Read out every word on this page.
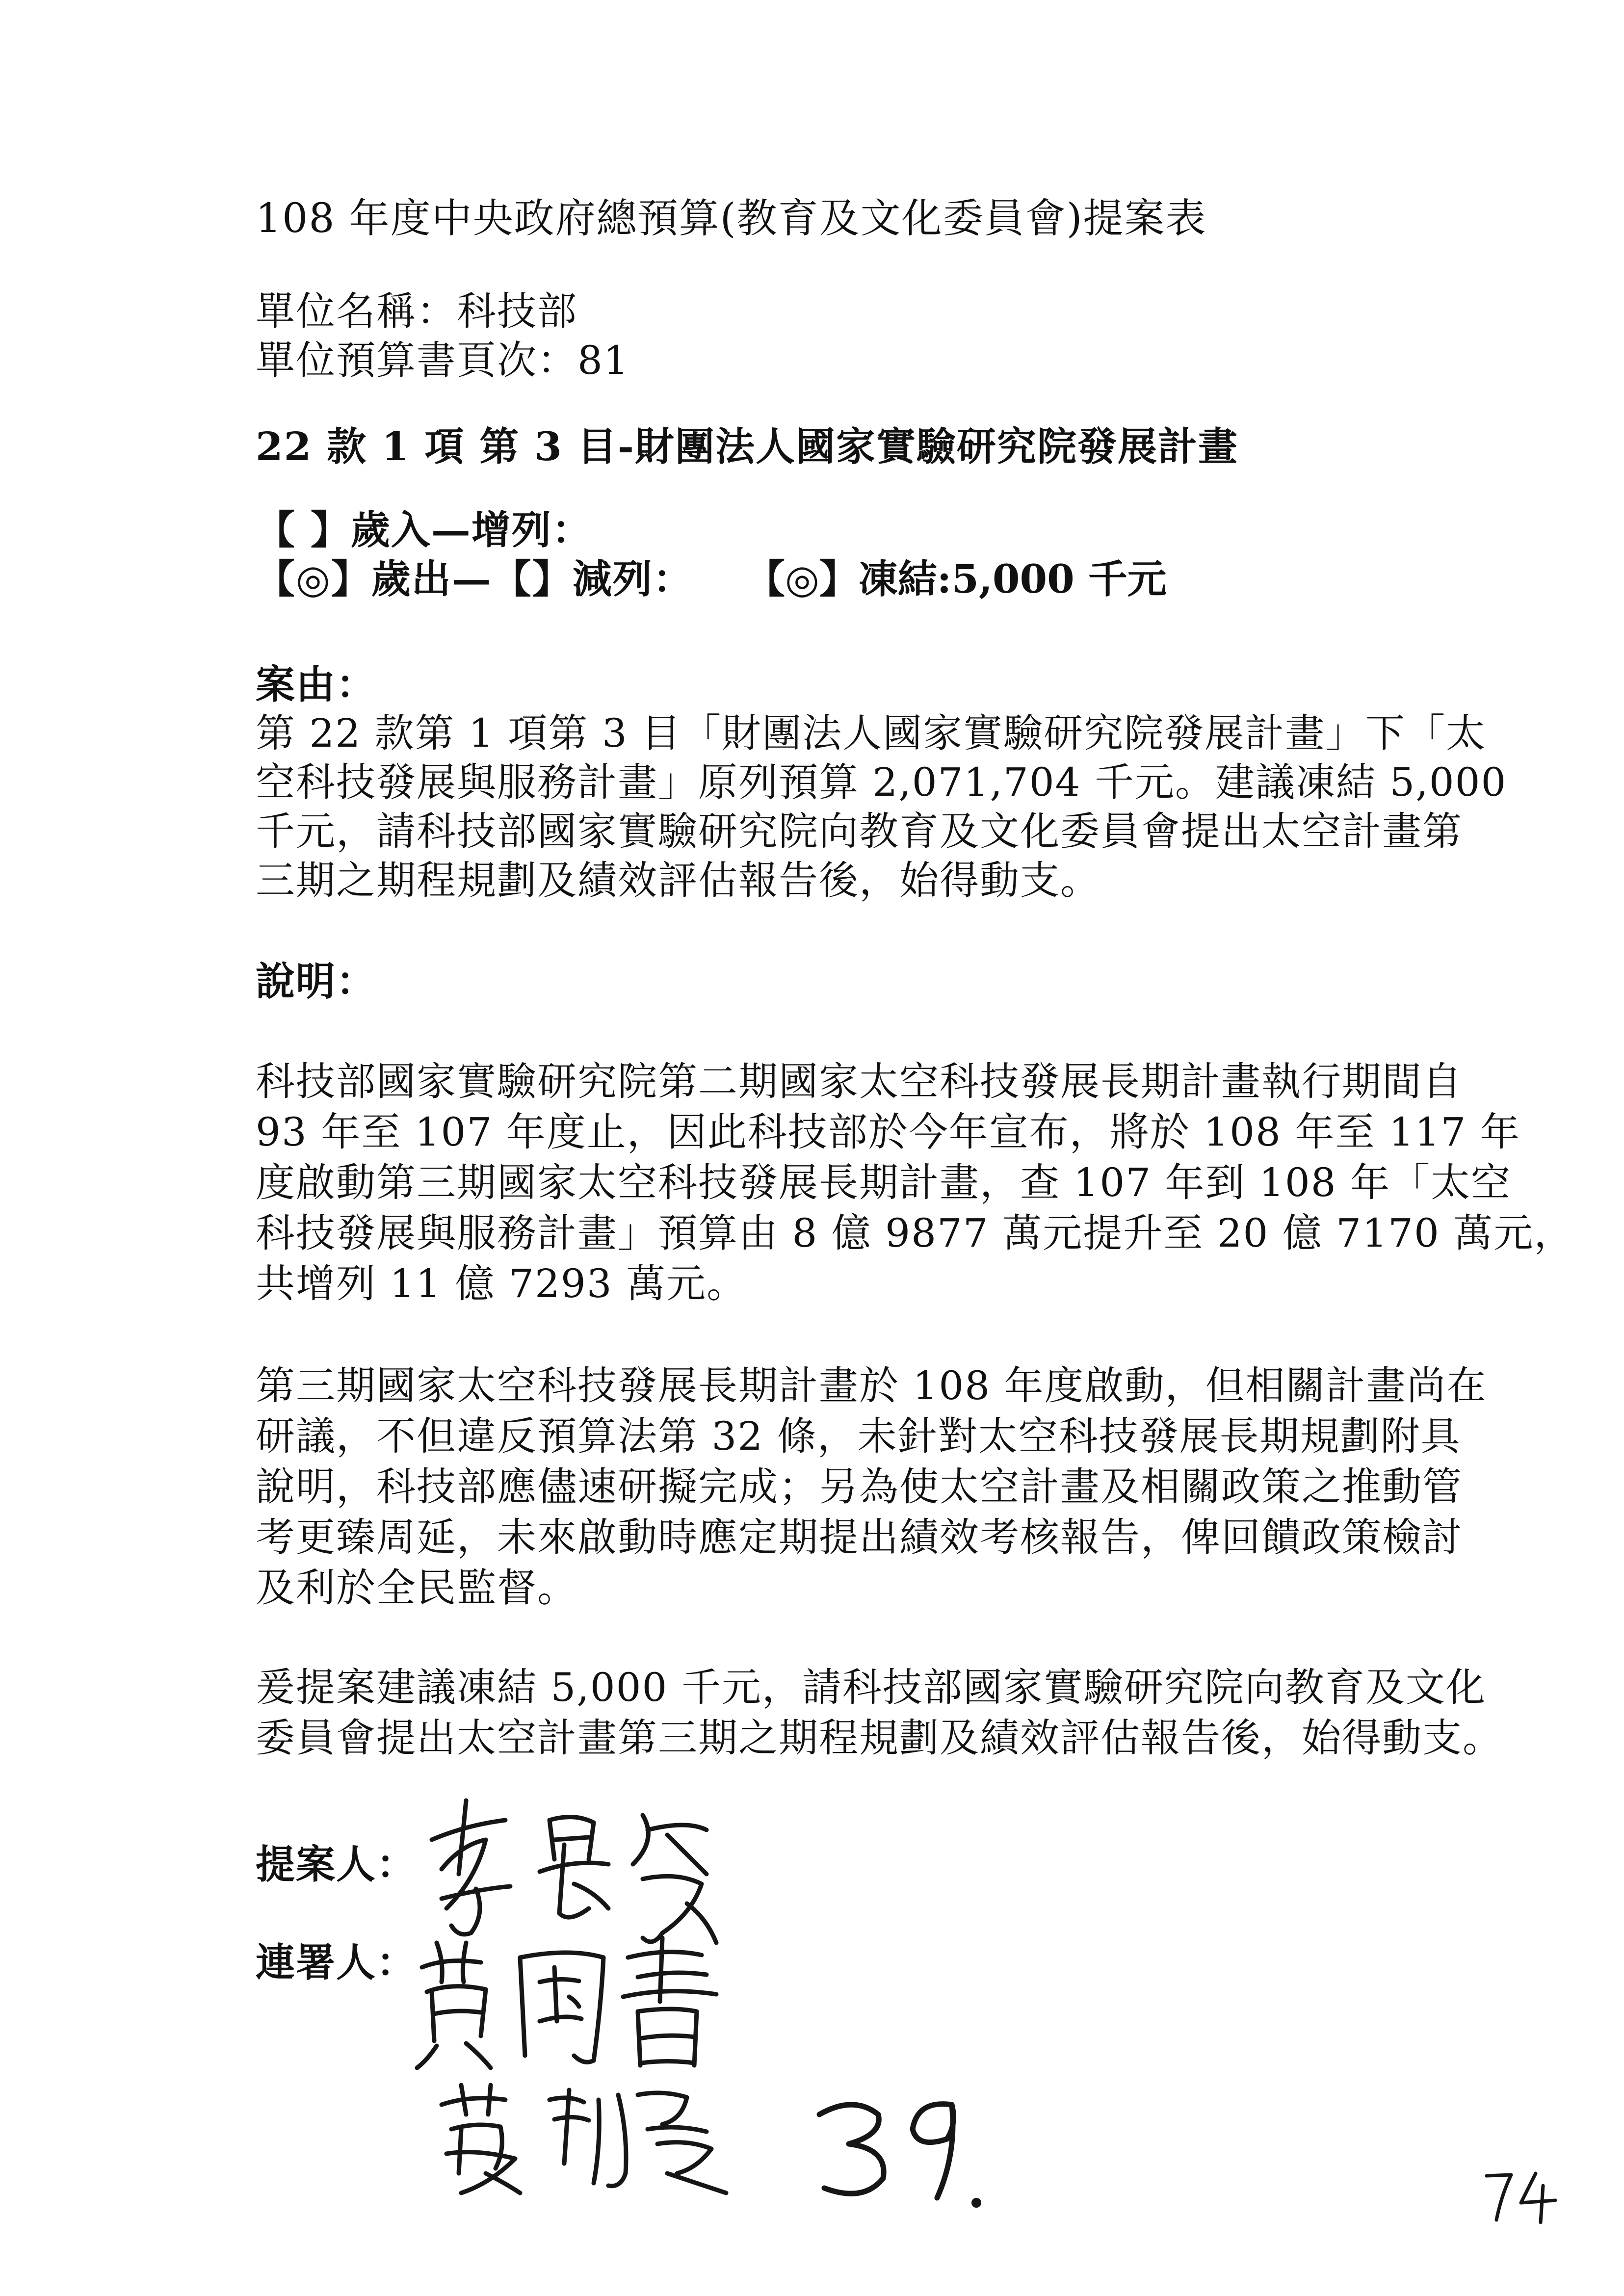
108 年度中央政府總預算(教育及文化委員會)提案表
單位名稱：科技部
單位預算書頁次：81
22 款 1 項 第 3 目-財團法人國家實驗研究院發展計畫
【 】歲入—增列：
【◎】歲出—【】減列： 【◎】凍結:5,000 千元
案由：
第 22 款第 1 項第 3 目「財團法人國家實驗研究院發展計畫」下「太
空科技發展與服務計畫」原列預算 2,071,704 千元。建議凍結 5,000
千元，請科技部國家實驗研究院向教育及文化委員會提出太空計畫第
三期之期程規劃及績效評估報告後，始得動支。
說明：
科技部國家實驗研究院第二期國家太空科技發展長期計畫執行期間自
93 年至 107 年度止，因此科技部於今年宣布，將於 108 年至 117 年
度啟動第三期國家太空科技發展長期計畫，查 107 年到 108 年「太空
科技發展與服務計畫」預算由 8 億 9877 萬元提升至 20 億 7170 萬元，
共增列 11 億 7293 萬元。
第三期國家太空科技發展長期計畫於 108 年度啟動，但相關計畫尚在
研議，不但違反預算法第 32 條，未針對太空科技發展長期規劃附具
說明，科技部應儘速研擬完成；另為使太空計畫及相關政策之推動管
考更臻周延，未來啟動時應定期提出績效考核報告，俾回饋政策檢討
及利於全民監督。
爰提案建議凍結 5,000 千元，請科技部國家實驗研究院向教育及文化
委員會提出太空計畫第三期之期程規劃及績效評估報告後，始得動支。
提案人：
連署人：
